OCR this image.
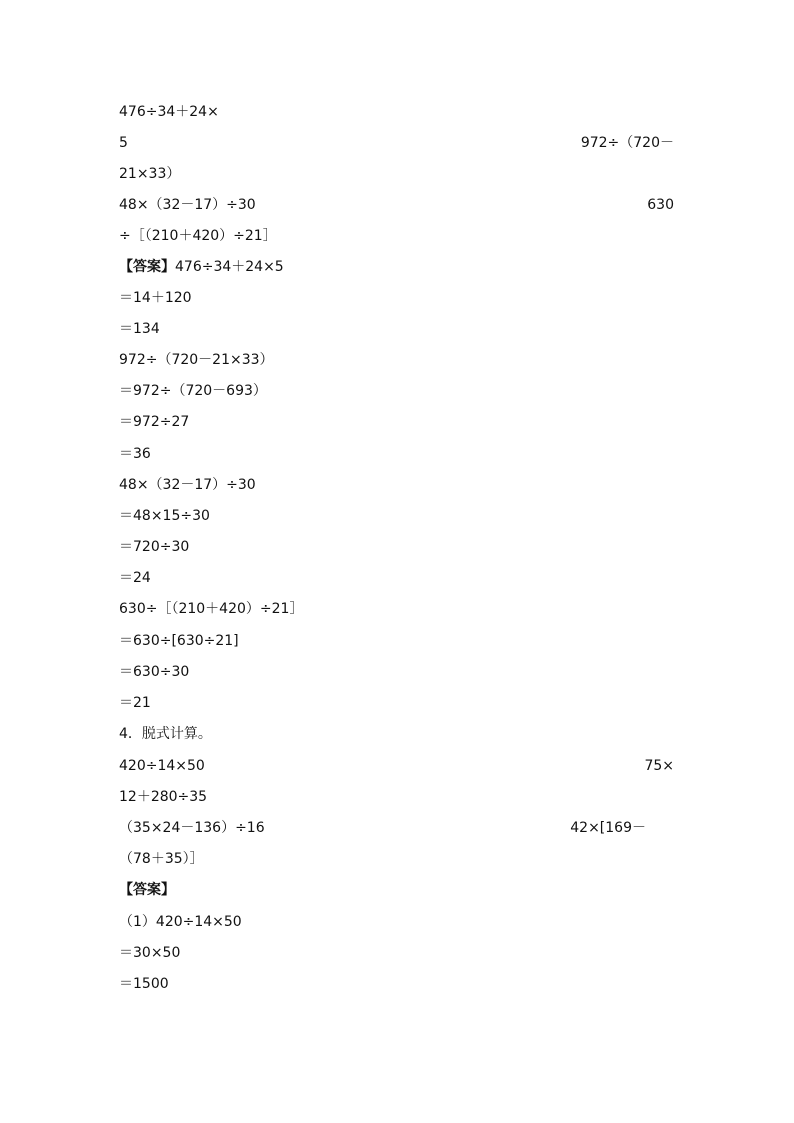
476÷34＋24×
5	972÷（720－
21×33）
48×（32－17）÷30	630
÷［（210＋420）÷21］
【答案】476÷34＋24×5
＝14＋120
＝134
972÷（720－21×33）
＝972÷（720－693）
＝972÷27
＝36
48×（32－17）÷30
＝48×15÷30
＝720÷30
＝24
630÷［（210＋420）÷21］
＝630÷[630÷21]
＝630÷30
＝21
4．脱式计算。
420÷14×50	75×
12＋280÷35
（35×24－136）÷16	42×[169－
（78＋35）］
【答案】
（1）420÷14×50
＝30×50
＝1500
